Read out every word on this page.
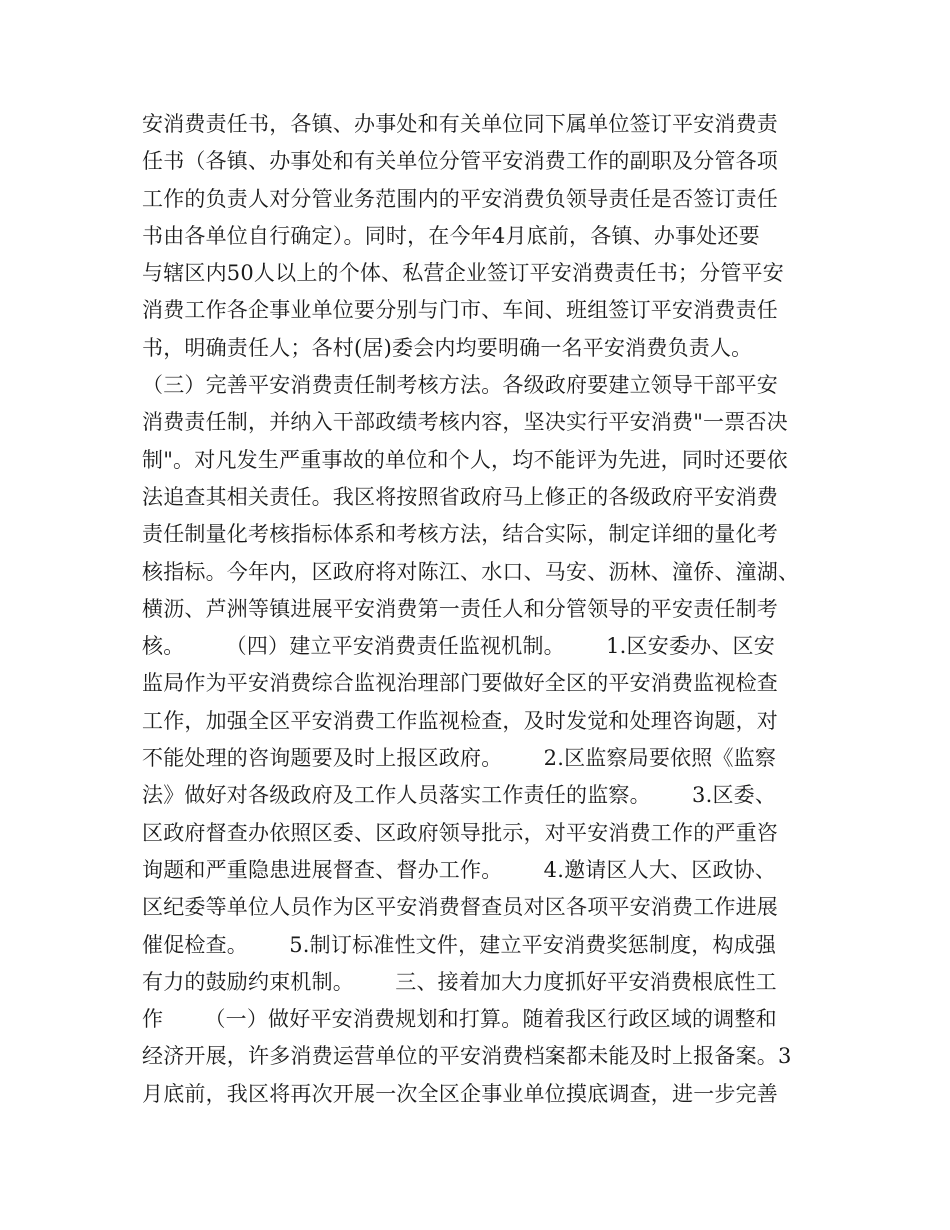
安消费责任书，各镇、办事处和有关单位同下属单位签订平安消费责
任书（各镇、办事处和有关单位分管平安消费工作的副职及分管各项
工作的负责人对分管业务范围内的平安消费负领导责任是否签订责任
书由各单位自行确定）。同时，在今年4月底前，各镇、办事处还要
与辖区内50人以上的个体、私营企业签订平安消费责任书；分管平安
消费工作各企事业单位要分别与门市、车间、班组签订平安消费责任
书，明确责任人；各村(居)委会内均要明确一名平安消费负责人。
（三）完善平安消费责任制考核方法。各级政府要建立领导干部平安
消费责任制，并纳入干部政绩考核内容，坚决实行平安消费"一票否决
制"。对凡发生严重事故的单位和个人，均不能评为先进，同时还要依
法追查其相关责任。我区将按照省政府马上修正的各级政府平安消费
责任制量化考核指标体系和考核方法，结合实际，制定详细的量化考
核指标。今年内，区政府将对陈江、水口、马安、沥林、潼侨、潼湖、
横沥、芦洲等镇进展平安消费第一责任人和分管领导的平安责任制考
核。      （四）建立平安消费责任监视机制。      1.区安委办、区安
监局作为平安消费综合监视治理部门要做好全区的平安消费监视检查
工作，加强全区平安消费工作监视检查，及时发觉和处理咨询题，对
不能处理的咨询题要及时上报区政府。      2.区监察局要依照《监察
法》做好对各级政府及工作人员落实工作责任的监察。      3.区委、
区政府督查办依照区委、区政府领导批示，对平安消费工作的严重咨
询题和严重隐患进展督查、督办工作。      4.邀请区人大、区政协、
区纪委等单位人员作为区平安消费督查员对区各项平安消费工作进展
催促检查。      5.制订标准性文件，建立平安消费奖惩制度，构成强
有力的鼓励约束机制。      三、接着加大力度抓好平安消费根底性工
作      （一）做好平安消费规划和打算。随着我区行政区域的调整和
经济开展，许多消费运营单位的平安消费档案都未能及时上报备案。3
月底前，我区将再次开展一次全区企事业单位摸底调查，进一步完善
